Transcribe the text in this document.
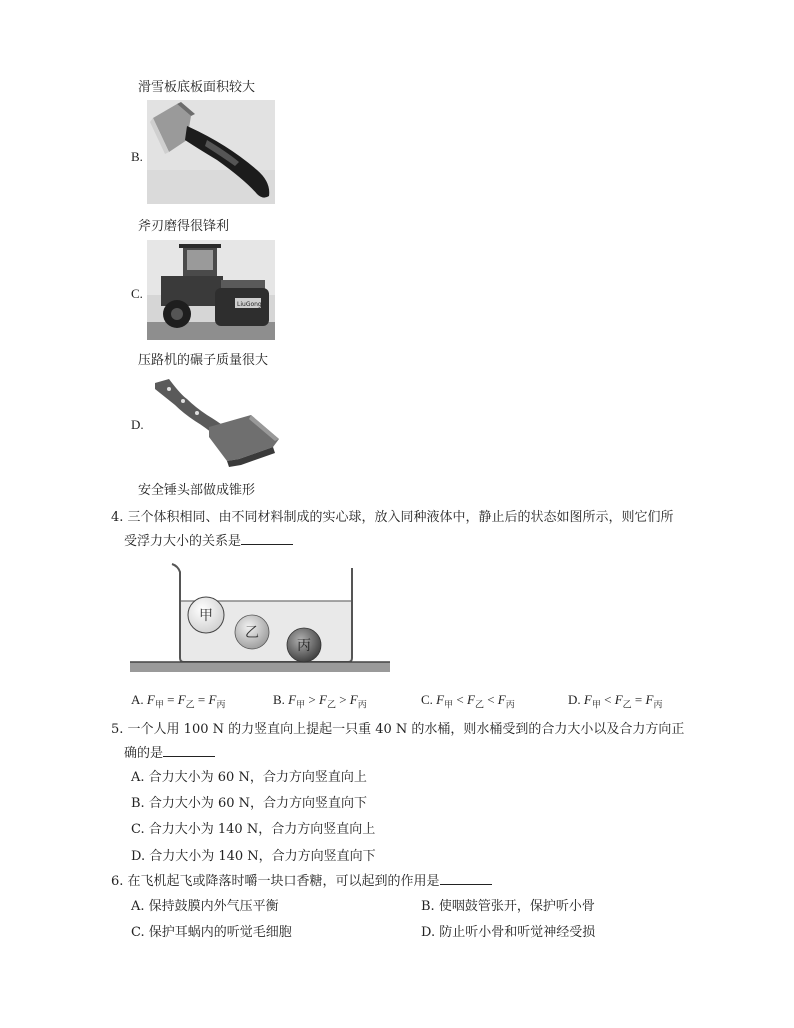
滑雪板底板面积较大
B.
斧刃磨得很锋利
C.
LiuGong
压路机的碾子质量很大
D.
安全锤头部做成锥形
4. 三个体积相同、由不同材料制成的实心球，放入同种液体中，静止后的状态如图所示，则它们所
受浮力大小的关系是
甲
乙
丙
A. $F_甲 = F_乙 = F_丙$	B. $F_甲 > F_乙 > F_丙$	C. $F_甲 < F_乙 < F_丙$	D. $F_甲 < F_乙 = F_丙$
5. 一个人用 100 N 的力竖直向上提起一只重 40 N 的水桶，则水桶受到的合力大小以及合力方向正
确的是
A. 合力大小为 60 N，合力方向竖直向上
B. 合力大小为 60 N，合力方向竖直向下
C. 合力大小为 140 N，合力方向竖直向上
D. 合力大小为 140 N，合力方向竖直向下
6. 在飞机起飞或降落时嚼一块口香糖，可以起到的作用是
A. 保持鼓膜内外气压平衡	B. 使咽鼓管张开，保护听小骨
C. 保护耳蜗内的听觉毛细胞	D. 防止听小骨和听觉神经受损
